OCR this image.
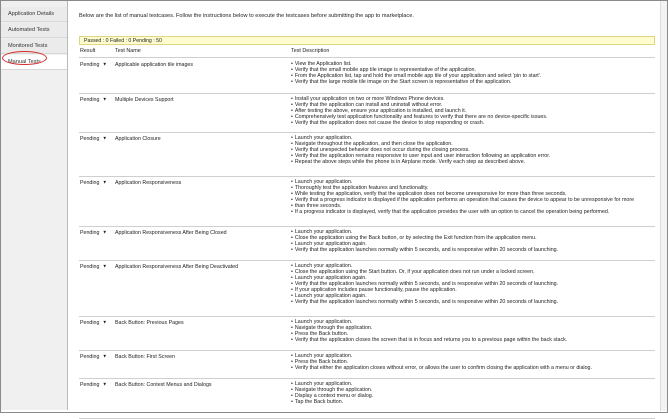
Application Details
Automated Tests
Monitored Tests
Manual Tests
Below are the list of manual testcases. Follow the instructions below to execute the testcases before submitting the app to marketplace.
Passed : 0 Failed : 0 Pending : 50
Result	Test Name	Test Description
Pending ▼ Applicable application tile images	• View the Application list.
• Verify that the small mobile app tile image is representative of the application.
• From the Application list, tap and hold the small mobile app tile of your application and select 'pin to start'.
• Verify that the large mobile tile image on the Start screen is representative of the application.
Pending ▼ Multiple Devices Support	• Install your application on two or more Windows Phone devices.
• Verify that the application can install and uninstall without error.
• After testing the above, ensure your application is installed, and launch it.
• Comprehensively test application functionality and features to verify that there are no device-specific issues.
• Verify that the application does not cause the device to stop responding or crash.
Pending ▼ Application Closure	• Launch your application.
• Navigate throughout the application, and then close the application.
• Verify that unexpected behavior does not occur during the closing process.
• Verify that the application remains responsive to user input and user interaction following an application error.
• Repeat the above steps while the phone is in Airplane mode. Verify each step as described above.
Pending ▼ Application Responsiveness	• Launch your application.
• Thoroughly test the application features and functionality.
• While testing the application, verify that the application does not become unresponsive for more than three seconds.
• Verify that a progress indicator is displayed if the application performs an operation that causes the device to appear to be unresponsive for more
• than three seconds.
• If a progress indicator is displayed, verify that the application provides the user with an option to cancel the operation being performed.
Pending ▼ Application Responsiveness After Being Closed	• Launch your application.
• Close the application using the Back button, or by selecting the Exit function from the application menu.
• Launch your application again.
• Verify that the application launches normally within 5 seconds, and is responsive within 20 seconds of launching.
Pending ▼ Application Responsiveness After Being Deactivated	• Launch your application.
• Close the application using the Start button. Or, if your application does not run under a locked screen.
• Launch your application again.
• Verify that the application launches normally within 5 seconds, and is responsive within 20 seconds of launching.
• If your application includes pause functionality, pause the application.
• Launch your application again.
• Verify that the application launches normally within 5 seconds, and is responsive within 20 seconds of launching.
Pending ▼ Back Button: Previous Pages	• Launch your application.
• Navigate through the application.
• Press the Back button.
• Verify that the application closes the screen that is in focus and returns you to a previous page within the back stack.
Pending ▼ Back Button: First Screen	• Launch your application.
• Press the Back button.
• Verify that either the application closes without error, or allows the user to confirm closing the application with a menu or dialog.
Pending ▼ Back Button: Context Menus and Dialogs	• Launch your application.
• Navigate through the application.
• Display a context menu or dialog.
• Tap the Back button.
